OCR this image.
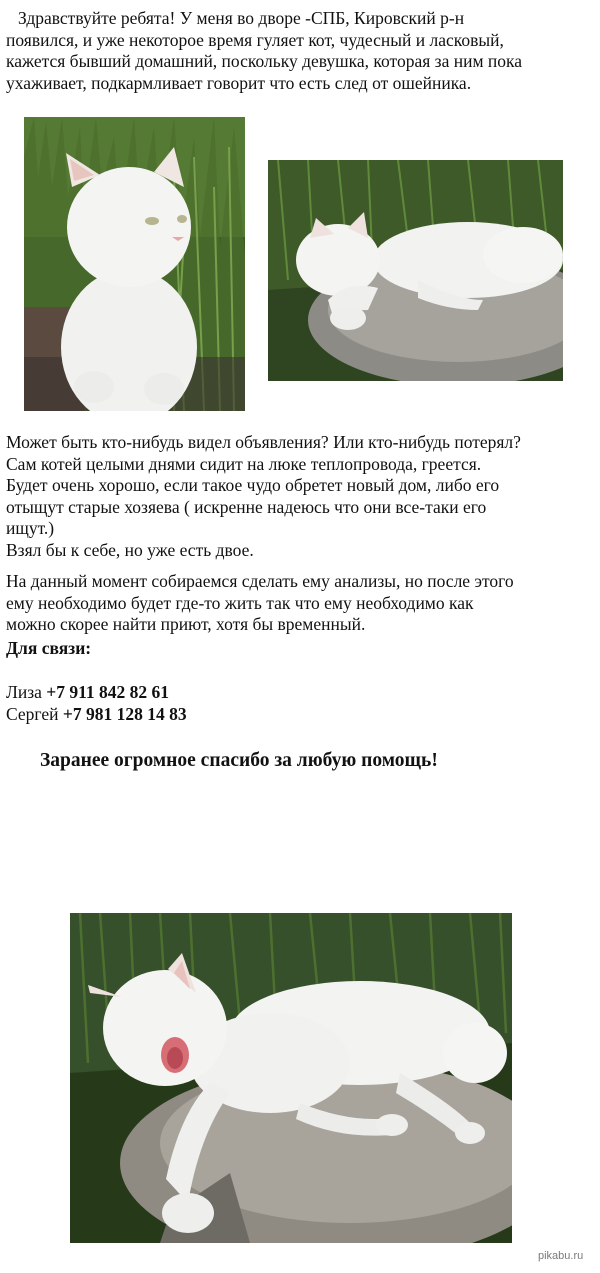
Здравствуйте ребята! У меня во дворе -СПБ, Кировский р-н
появился, и уже некоторое время гуляет кот, чудесный и ласковый,
кажется бывший домашний, поскольку девушка, которая за ним пока
ухаживает, подкармливает говорит что есть след от ошейника.
Может быть кто-нибудь видел объявления? Или кто-нибудь потерял?
Сам котей целыми днями сидит на люке теплопровода, греется.
Будет очень хорошо, если такое чудо обретет новый дом, либо его
отыщут старые хозяева ( искренне надеюсь что они все-таки его
ищут.)
Взял бы к себе, но уже есть двое.
На данный момент собираемся сделать ему анализы, но после этого
ему необходимо будет где-то жить так что ему необходимо как
можно скорее найти приют, хотя бы временный.
Для связи:
Лиза +7 911 842 82 61
Сергей +7 981 128 14 83
Заранее огромное спасибо за любую помощь!
pikabu.ru
